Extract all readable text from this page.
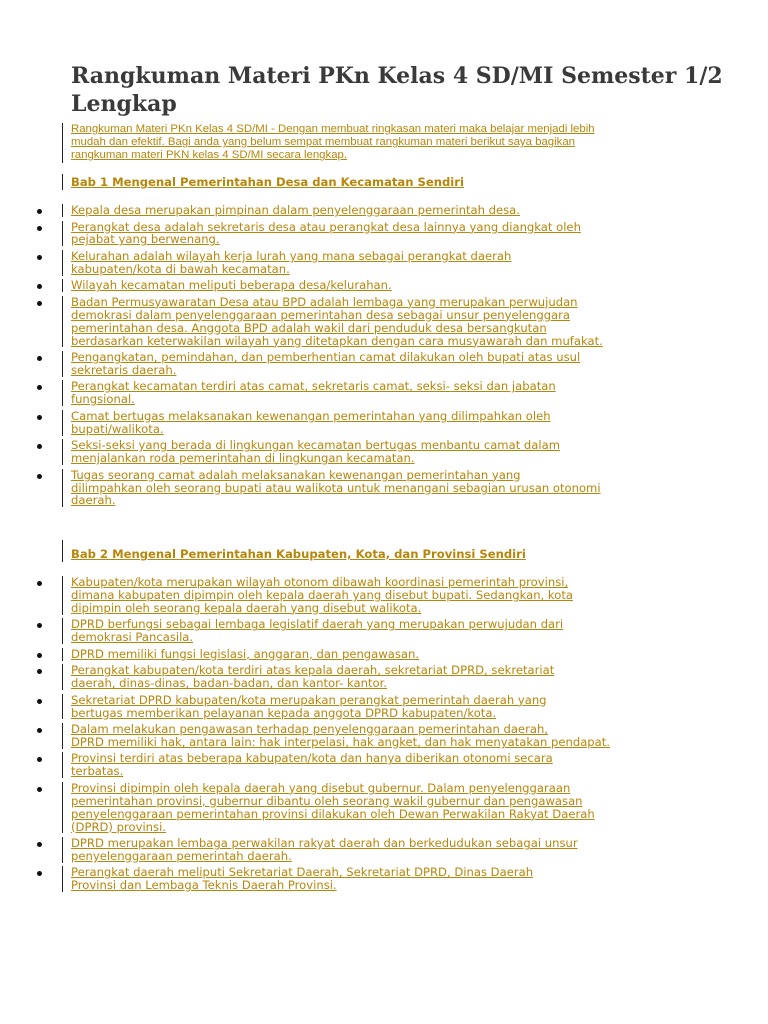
Rangkuman Materi PKn Kelas 4 SD/MI Semester 1/2 Lengkap
Rangkuman Materi PKn Kelas 4 SD/MI - Dengan membuat ringkasan materi maka belajar menjadi lebih
mudah dan efektif. Bagi anda yang belum sempat membuat rangkuman materi berikut saya bagikan
rangkuman materi PKN kelas 4 SD/MI secara lengkap.
Bab 1 Mengenal Pemerintahan Desa dan Kecamatan Sendiri
Kepala desa merupakan pimpinan dalam penyelenggaraan pemerintah desa.
Perangkat desa adalah sekretaris desa atau perangkat desa lainnya yang diangkat oleh
pejabat yang berwenang.
Kelurahan adalah wilayah kerja lurah yang mana sebagai perangkat daerah
kabupaten/kota di bawah kecamatan.
Wilayah kecamatan meliputi beberapa desa/kelurahan.
Badan Permusyawaratan Desa atau BPD adalah lembaga yang merupakan perwujudan
demokrasi dalam penyelenggaraan pemerintahan desa sebagai unsur penyelenggara
pemerintahan desa. Anggota BPD adalah wakil dari penduduk desa bersangkutan
berdasarkan keterwakilan wilayah yang ditetapkan dengan cara musyawarah dan mufakat.
Pengangkatan, pemindahan, dan pemberhentian camat dilakukan oleh bupati atas usul
sekretaris daerah.
Perangkat kecamatan terdiri atas camat, sekretaris camat, seksi- seksi dan jabatan
fungsional.
Camat bertugas melaksanakan kewenangan pemerintahan yang dilimpahkan oleh
bupati/walikota.
Seksi-seksi yang berada di lingkungan kecamatan bertugas menbantu camat dalam
menjalankan roda pemerintahan di lingkungan kecamatan.
Tugas seorang camat adalah melaksanakan kewenangan pemerintahan yang
dilimpahkan oleh seorang bupati atau walikota untuk menangani sebagian urusan otonomi
daerah.
Bab 2 Mengenal Pemerintahan Kabupaten, Kota, dan Provinsi Sendiri
Kabupaten/kota merupakan wilayah otonom dibawah koordinasi pemerintah provinsi,
dimana kabupaten dipimpin oleh kepala daerah yang disebut bupati. Sedangkan, kota
dipimpin oleh seorang kepala daerah yang disebut walikota.
DPRD berfungsi sebagai lembaga legislatif daerah yang merupakan perwujudan dari
demokrasi Pancasila.
DPRD memiliki fungsi legislasi, anggaran, dan pengawasan.
Perangkat kabupaten/kota terdiri atas kepala daerah, sekretariat DPRD, sekretariat
daerah, dinas-dinas, badan-badan, dan kantor- kantor.
Sekretariat DPRD kabupaten/kota merupakan perangkat pemerintah daerah yang
bertugas memberikan pelayanan kepada anggota DPRD kabupaten/kota.
Dalam melakukan pengawasan terhadap penyelenggaraan pemerintahan daerah,
DPRD memiliki hak, antara lain: hak interpelasi, hak angket, dan hak menyatakan pendapat.
Provinsi terdiri atas beberapa kabupaten/kota dan hanya diberikan otonomi secara
terbatas.
Provinsi dipimpin oleh kepala daerah yang disebut gubernur. Dalam penyelenggaraan
pemerintahan provinsi, gubernur dibantu oleh seorang wakil gubernur dan pengawasan
penyelenggaraan pemerintahan provinsi dilakukan oleh Dewan Perwakilan Rakyat Daerah
(DPRD) provinsi.
DPRD merupakan lembaga perwakilan rakyat daerah dan berkedudukan sebagai unsur
penyelenggaraan pemerintah daerah.
Perangkat daerah meliputi Sekretariat Daerah, Sekretariat DPRD, Dinas Daerah
Provinsi dan Lembaga Teknis Daerah Provinsi.
